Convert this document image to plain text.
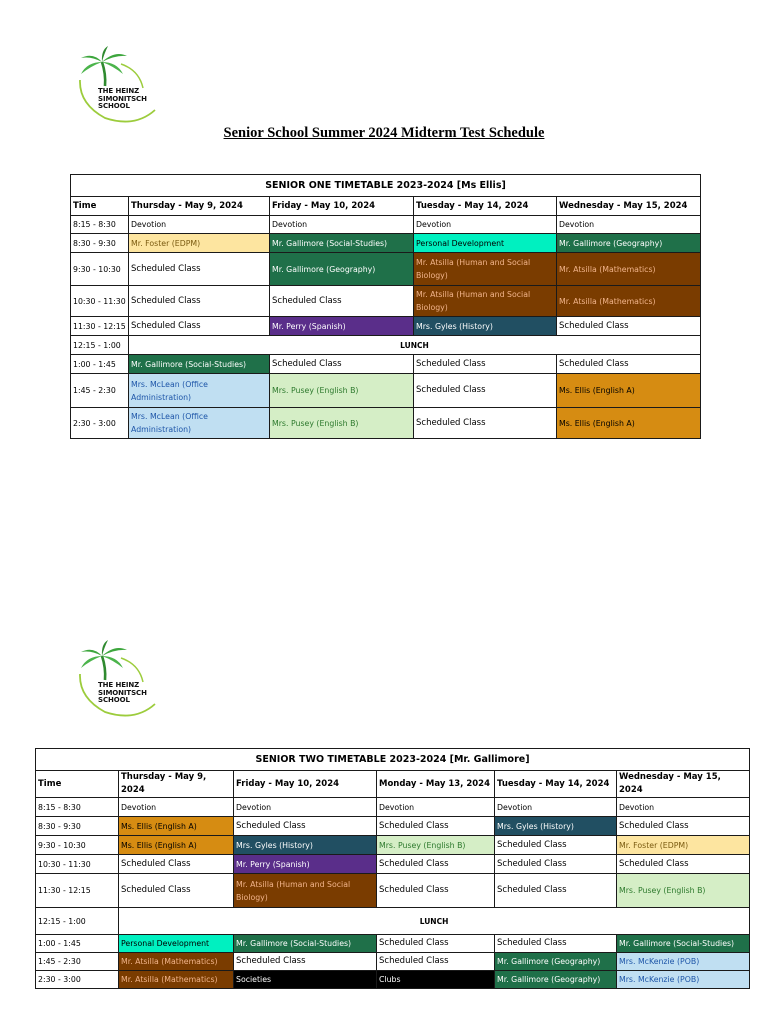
THE HEINZ
SIMONITSCH
SCHOOL
Senior School Summer 2024 Midterm Test Schedule
SENIOR ONE TIMETABLE 2023-2024 [Ms Ellis]				
Time	Thursday - May 9, 2024	Friday - May 10, 2024	Tuesday - May 14, 2024	Wednesday - May 15, 2024
8:15 - 8:30	Devotion	Devotion	Devotion	Devotion
8:30 - 9:30	Mr. Foster (EDPM)	Mr. Gallimore (Social-Studies)	Personal Development	Mr. Gallimore (Geography)
9:30 - 10:30	Scheduled Class	Mr. Gallimore (Geography)	Mr. Atsilla (Human and Social Biology)	Mr. Atsilla (Mathematics)
10:30 - 11:30	Scheduled Class	Scheduled Class	Mr. Atsilla (Human and Social Biology)	Mr. Atsilla (Mathematics)
11:30 - 12:15	Scheduled Class	Mr. Perry (Spanish)	Mrs. Gyles (History)	Scheduled Class
12:15 - 1:00	LUNCH			
1:00 - 1:45	Mr. Gallimore (Social-Studies)	Scheduled Class	Scheduled Class	Scheduled Class
1:45 - 2:30	Mrs. McLean (Office Administration)	Mrs. Pusey (English B)	Scheduled Class	Ms. Ellis (English A)
2:30 - 3:00	Mrs. McLean (Office Administration)	Mrs. Pusey (English B)	Scheduled Class	Ms. Ellis (English A)
THE HEINZ
SIMONITSCH
SCHOOL
SENIOR TWO TIMETABLE 2023-2024 [Mr. Gallimore]					
Time	Thursday - May 9, 2024	Friday - May 10, 2024	Monday - May 13, 2024	Tuesday - May 14, 2024	Wednesday - May 15, 2024
8:15 - 8:30	Devotion	Devotion	Devotion	Devotion	Devotion
8:30 - 9:30	Ms. Ellis (English A)	Scheduled Class	Scheduled Class	Mrs. Gyles (History)	Scheduled Class
9:30 - 10:30	Ms. Ellis (English A)	Mrs. Gyles (History)	Mrs. Pusey (English B)	Scheduled Class	Mr. Foster (EDPM)
10:30 - 11:30	Scheduled Class	Mr. Perry (Spanish)	Scheduled Class	Scheduled Class	Scheduled Class
11:30 - 12:15	Scheduled Class	Mr. Atsilla (Human and Social Biology)	Scheduled Class	Scheduled Class	Mrs. Pusey (English B)
12:15 - 1:00	LUNCH				
1:00 - 1:45	Personal Development	Mr. Gallimore (Social-Studies)	Scheduled Class	Scheduled Class	Mr. Gallimore (Social-Studies)
1:45 - 2:30	Mr. Atsilla (Mathematics)	Scheduled Class	Scheduled Class	Mr. Gallimore (Geography)	Mrs. McKenzie (POB)
2:30 - 3:00	Mr. Atsilla (Mathematics)	Societies	Clubs	Mr. Gallimore (Geography)	Mrs. McKenzie (POB)
